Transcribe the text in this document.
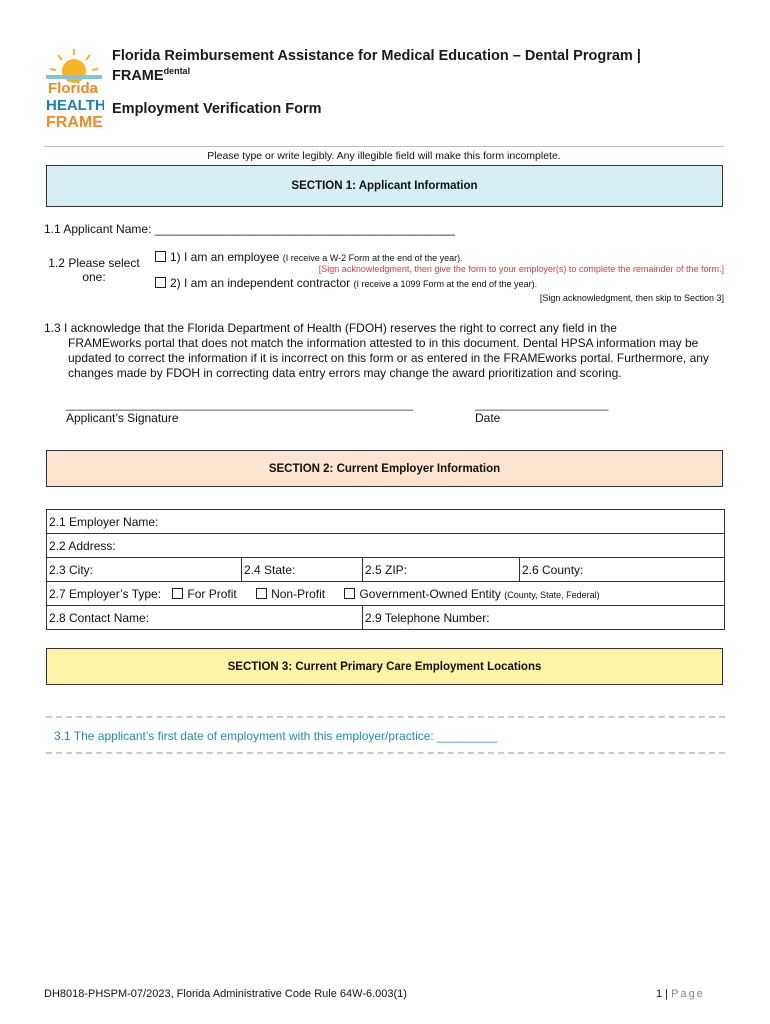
Florida
HEALTH
FRAME
Florida Reimbursement Assistance for Medical Education – Dental Program |
$FRAME^{dental}$
Employment Verification Form
Please type or write legibly. Any illegible field will make this form incomplete.
SECTION 1: Applicant Information
1.1 Applicant Name: _____________________________________________
1.2 Please select
one:
1) I am an employee (I receive a W-2 Form at the end of the year).
[Sign acknowledgment, then give the form to your employer(s) to complete the remainder of the form.]
2) I am an independent contractor (I receive a 1099 Form at the end of the year).
[Sign acknowledgment, then skip to Section 3]
1.3 I acknowledge that the Florida Department of Health (FDOH) reserves the right to correct any field in the
FRAMEworks portal that does not match the information attested to in this document. Dental HPSA information may be updated to correct the information if it is incorrect on this form or as entered in the FRAMEworks portal. Furthermore, any changes made by FDOH in correcting data entry errors may change the award prioritization and scoring.
____________________________________________________	____________________
Applicant’s Signature	Date
SECTION 2: Current Employer Information
2.1 Employer Name:			
2.2 Address:			
2.3 City:	2.4 State:	2.5 ZIP:	2.6 County:
2.7 Employer’s Type: For Profit Non-Profit Government-Owned Entity (County, State, Federal)			
2.8 Contact Name:		2.9 Telephone Number:	
SECTION 3: Current Primary Care Employment Locations
3.1 The applicant’s first date of employment with this employer/practice: _________
DH8018-PHSPM-07/2023, Florida Administrative Code Rule 64W-6.003(1)	1 | Page
